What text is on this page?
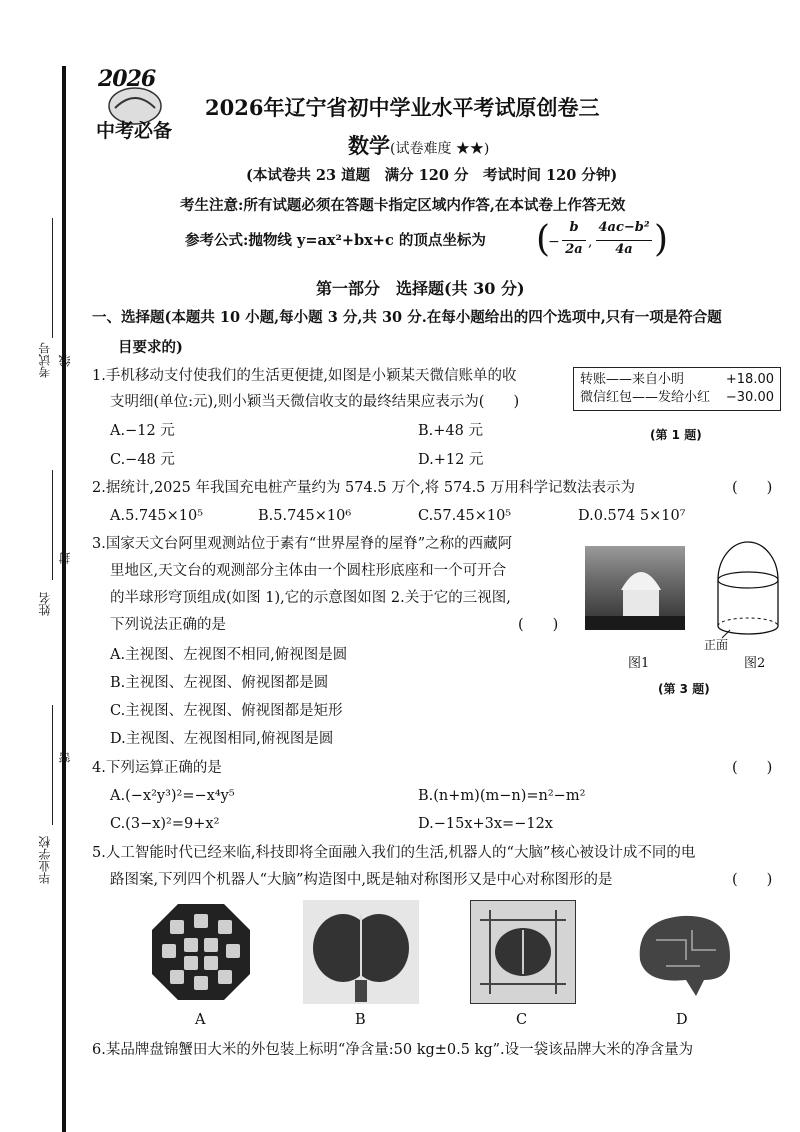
考试号 线
姓名
封
密
毕业学校
2026
中考必备
2026年辽宁省初中学业水平考试原创卷三
数学(试卷难度 ★★)
(本试卷共 23 道题　满分 120 分　考试时间 120 分钟)
考生注意:所有试题必须在答题卡指定区域内作答,在本试卷上作答无效
参考公式:抛物线 y=ax²+bx+c 的顶点坐标为 (
−
b
2a ,
4ac−b²
4a )
第一部分　选择题(共 30 分)
一、选择题(本题共 10 小题,每小题 3 分,共 30 分.在每小题给出的四个选项中,只有一项是符合题
目要求的)
1.手机移动支付使我们的生活更便捷,如图是小颖某天微信账单的收
支明细(单位:元),则小颖当天微信收支的最终结果应表示为(　　)
A.−12 元	B.+48 元
C.−48 元	D.+12 元
转账——来自小明	+18.00
微信红包——发给小红 −30.00
(第 1 题)
2.据统计,2025 年我国充电桩产量约为 574.5 万个,将 574.5 万用科学记数法表示为	(　　)
A.5.745×10⁵	B.5.745×10⁶	C.57.45×10⁵	D.0.574 5×10⁷
3.国家天文台阿里观测站位于素有“世界屋脊的屋脊”之称的西藏阿
里地区,天文台的观测部分主体由一个圆柱形底座和一个可开合
的半球形穹顶组成(如图 1),它的示意图如图 2.关于它的三视图,
下列说法正确的是	(　　)
A.主视图、左视图不相同,俯视图是圆
B.主视图、左视图、俯视图都是圆
C.主视图、左视图、俯视图都是矩形
D.主视图、左视图相同,俯视图是圆
正面
图1	图2
(第 3 题)
4.下列运算正确的是	(　　)
A.(−x²y³)²=−x⁴y⁵	B.(n+m)(m−n)=n²−m²
C.(3−x)²=9+x²	D.−15x+3x=−12x
5.人工智能时代已经来临,科技即将全面融入我们的生活,机器人的“大脑”核心被设计成不同的电
路图案,下列四个机器人“大脑”构造图中,既是轴对称图形又是中心对称图形的是	(　　)
A	B	C	D
6.某品牌盘锦蟹田大米的外包装上标明“净含量:50 kg±0.5 kg”.设一袋该品牌大米的净含量为
